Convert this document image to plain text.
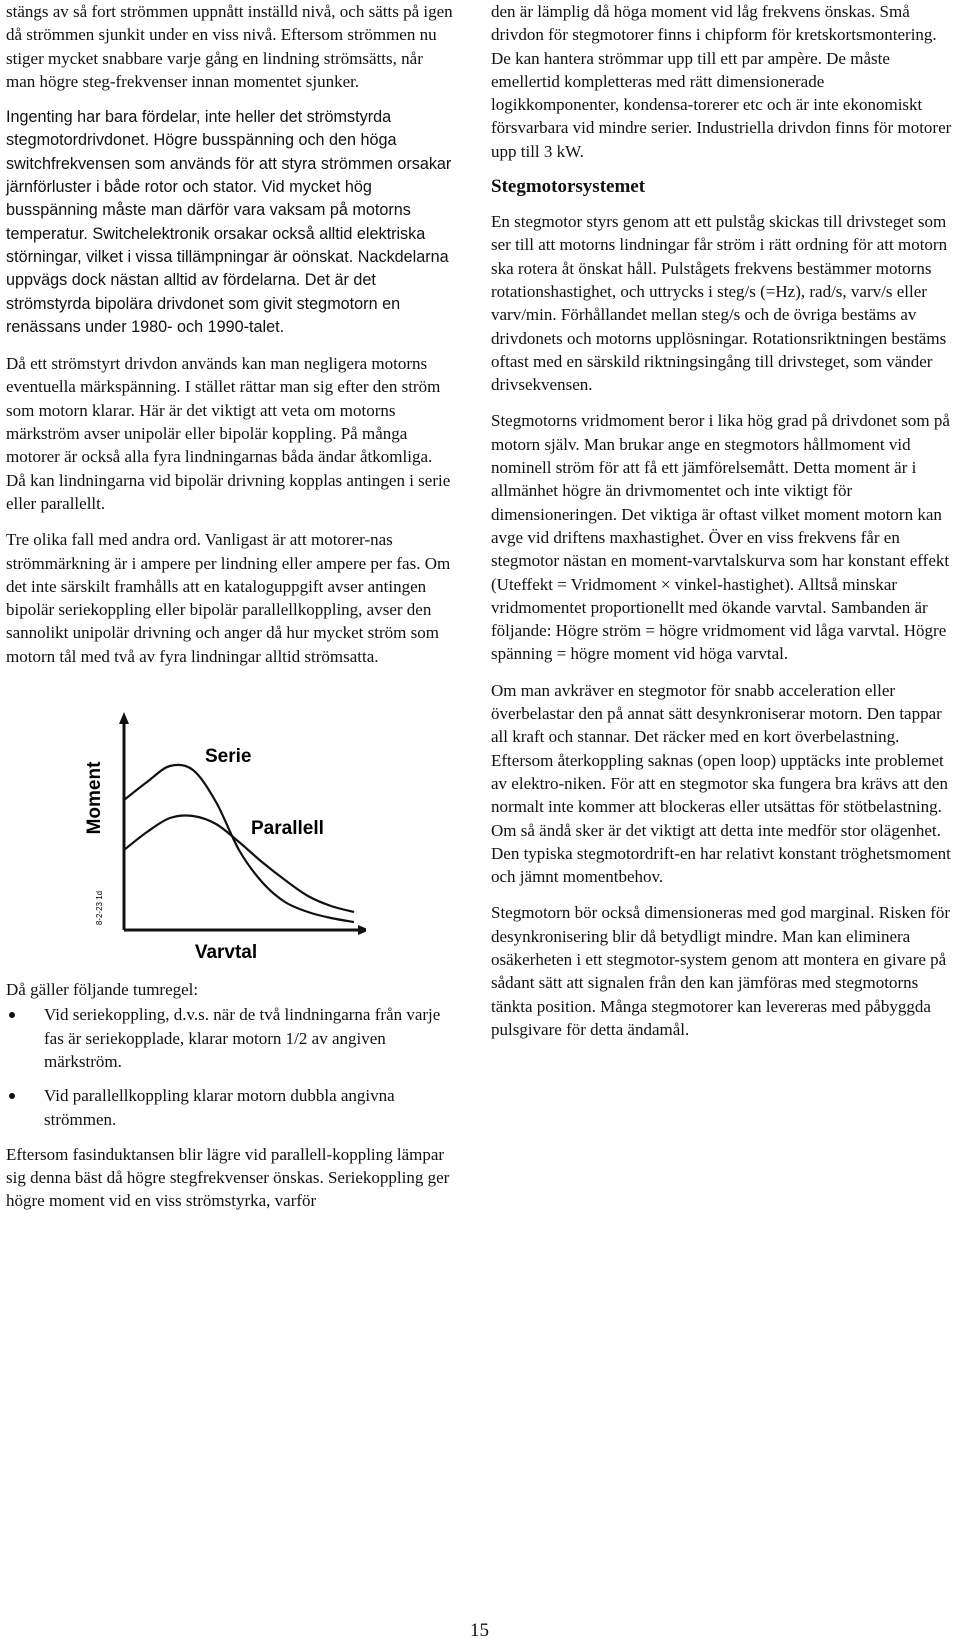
stängs av så fort strömmen uppnått inställd nivå, och sätts på igen då strömmen sjunkit under en viss nivå. Eftersom strömmen nu stiger mycket snabbare varje gång en lindning strömsätts, når man högre steg-frekvenser innan momentet sjunker.

Ingenting har bara fördelar, inte heller det strömstyrda stegmotordrivdonet. Högre busspänning och den höga switchfrekvensen som används för att styra strömmen orsakar järnförluster i både rotor och stator. Vid mycket hög busspänning måste man därför vara vaksam på motorns temperatur. Switchelektronik orsakar också alltid elektriska störningar, vilket i vissa tillämpningar är oönskat. Nackdelarna uppvägs dock nästan alltid av fördelarna. Det är det strömstyrda bipolära drivdonet som givit stegmotorn en renässans under 1980- och 1990-talet.

Då ett strömstyrt drivdon används kan man negligera motorns eventuella märkspänning. I stället rättar man sig efter den ström som motorn klarar. Här är det viktigt att veta om motorns märkström avser unipolär eller bipolär koppling. På många motorer är också alla fyra lindningarnas båda ändar åtkomliga. Då kan lindningarna vid bipolär drivning kopplas antingen i serie eller parallellt.

Tre olika fall med andra ord. Vanligast är att motorer-nas strömmärkning är i ampere per lindning eller ampere per fas. Om det inte särskilt framhålls att en kataloguppgift avser antingen bipolär seriekoppling eller bipolär parallellkoppling, avser den sannolikt unipolär drivning och anger då hur mycket ström som motorn tål med två av fyra lindningar alltid strömsatta.

Serie
Parallell
Moment
Varvtal
8-2-23 1d

Då gäller följande tumregel:

Vid seriekoppling, d.v.s. när de två lindningarna från varje fas är seriekopplade, klarar motorn 1/2 av angiven märkström.
Vid parallellkoppling klarar motorn dubbla angivna strömmen.

Eftersom fasinduktansen blir lägre vid parallell-koppling lämpar sig denna bäst då högre stegfrekvenser önskas. Seriekoppling ger högre moment vid en viss strömstyrka, varför

den är lämplig då höga moment vid låg frekvens önskas. Små drivdon för stegmotorer finns i chipform för kretskortsmontering. De kan hantera strömmar upp till ett par ampère. De måste emellertid kompletteras med rätt dimensionerade logikkomponenter, kondensa-torerer etc och är inte ekonomiskt försvarbara vid mindre serier. Industriella drivdon finns för motorer upp till 3 kW.

Stegmotorsystemet

En stegmotor styrs genom att ett pulståg skickas till drivsteget som ser till att motorns lindningar får ström i rätt ordning för att motorn ska rotera åt önskat håll. Pulstågets frekvens bestämmer motorns rotationshastighet, och uttrycks i steg/s (=Hz), rad/s, varv/s eller varv/min. Förhållandet mellan steg/s och de övriga bestäms av drivdonets och motorns upplösningar. Rotationsriktningen bestäms oftast med en särskild riktningsingång till drivsteget, som vänder drivsekvensen.

Stegmotorns vridmoment beror i lika hög grad på drivdonet som på motorn själv. Man brukar ange en stegmotors hållmoment vid nominell ström för att få ett jämförelsemått. Detta moment är i allmänhet högre än drivmomentet och inte viktigt för dimensioneringen. Det viktiga är oftast vilket moment motorn kan avge vid driftens maxhastighet. Över en viss frekvens får en stegmotor nästan en moment-varvtalskurva som har konstant effekt (Uteffekt = Vridmoment × vinkel-hastighet). Alltså minskar vridmomentet proportionellt med ökande varvtal. Sambanden är följande: Högre ström = högre vridmoment vid låga varvtal. Högre spänning = högre moment vid höga varvtal.

Om man avkräver en stegmotor för snabb acceleration eller överbelastar den på annat sätt desynkroniserar motorn. Den tappar all kraft och stannar. Det räcker med en kort överbelastning. Eftersom återkoppling saknas (open loop) upptäcks inte problemet av elektro-niken. För att en stegmotor ska fungera bra krävs att den normalt inte kommer att blockeras eller utsättas för stötbelastning. Om så ändå sker är det viktigt att detta inte medför stor olägenhet. Den typiska stegmotordrift-en har relativt konstant tröghetsmoment och jämnt momentbehov.

Stegmotorn bör också dimensioneras med god marginal. Risken för desynkronisering blir då betydligt mindre. Man kan eliminera osäkerheten i ett stegmotor-system genom att montera en givare på sådant sätt att signalen från den kan jämföras med stegmotorns tänkta position. Många stegmotorer kan levereras med påbyggda pulsgivare för detta ändamål.

15
